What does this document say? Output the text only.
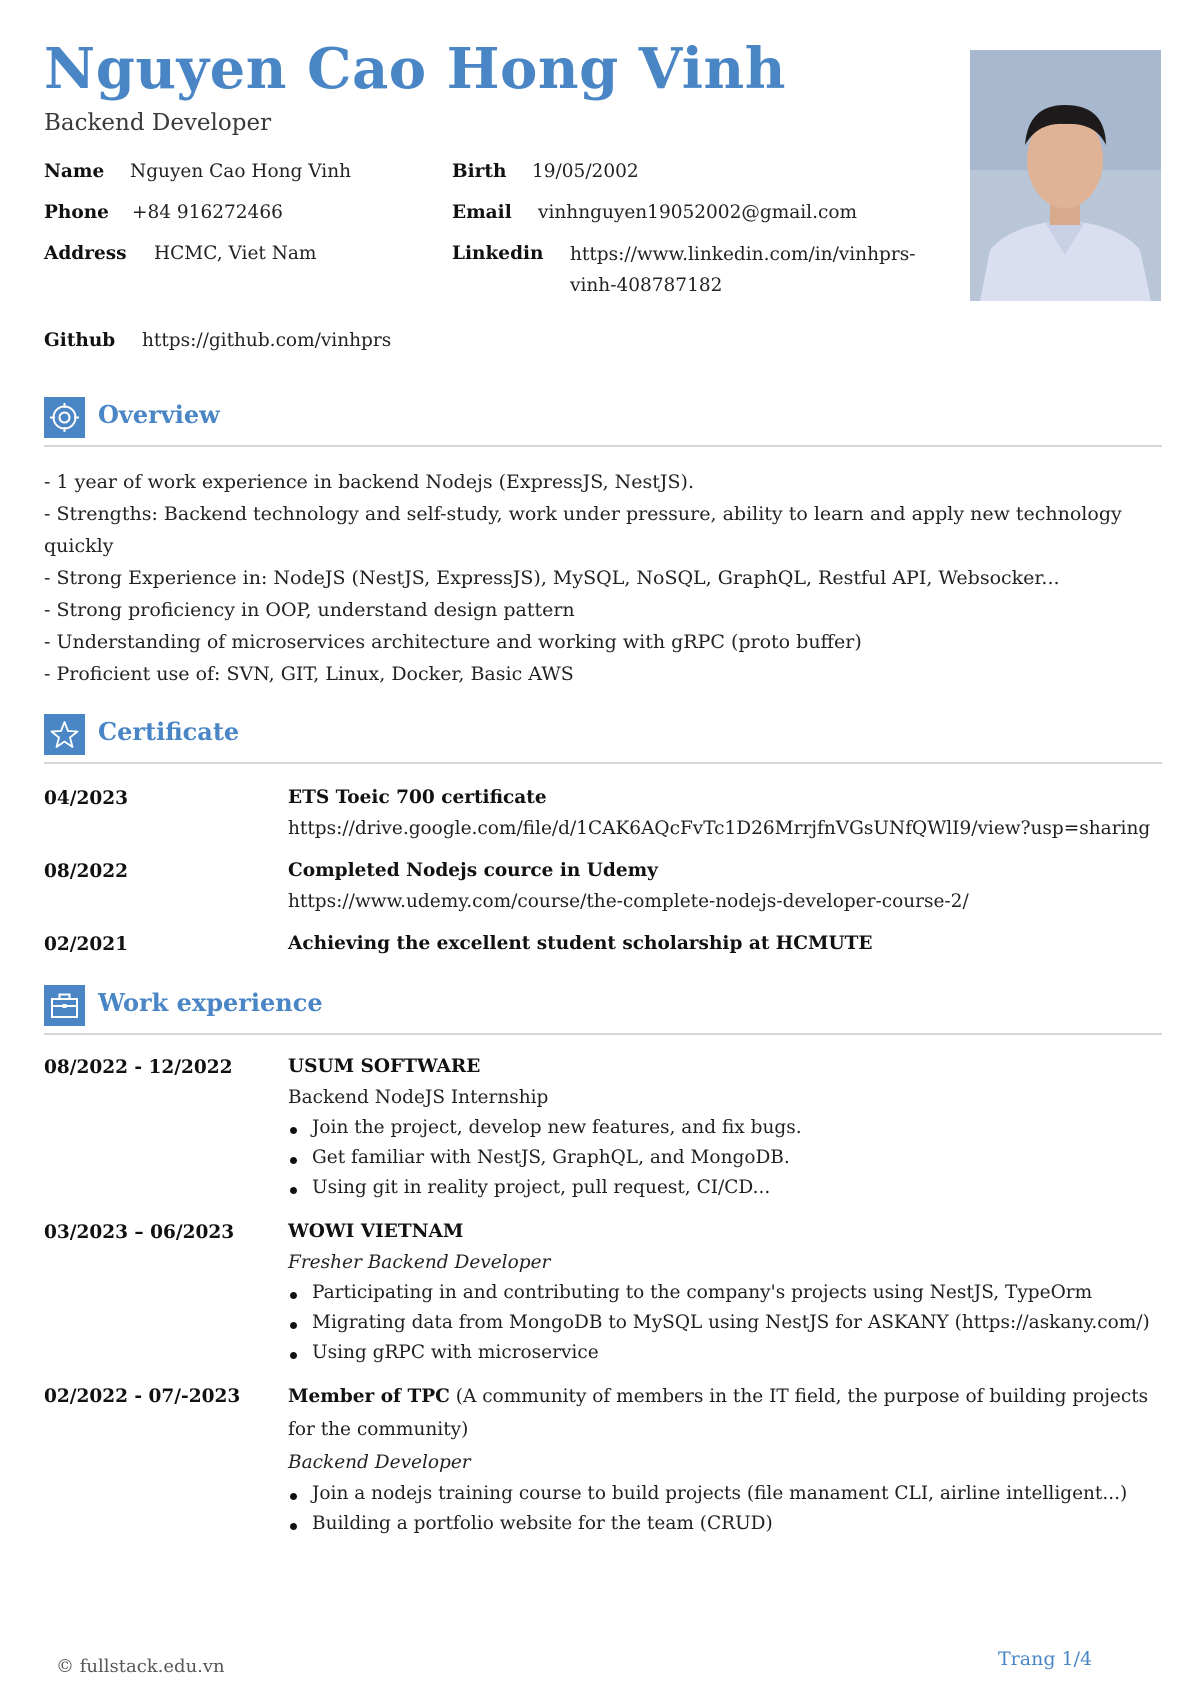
Nguyen Cao Hong Vinh
Backend Developer
Name Nguyen Cao Hong Vinh	Birth 19/05/2002
Phone +84 916272466	Email vinhnguyen19052002@gmail.com
Address HCMC, Viet Nam	Linkedin https://www.linkedin.com/in/vinhprs-
vinh-408787182
Github https://github.com/vinhprs
Overview
- 1 year of work experience in backend Nodejs (ExpressJS, NestJS).
- Strengths: Backend technology and self-study, work under pressure, ability to learn and apply new technology quickly
- Strong Experience in: NodeJS (NestJS, ExpressJS), MySQL, NoSQL, GraphQL, Restful API, Websocker...
- Strong proficiency in OOP, understand design pattern
- Understanding of microservices architecture and working with gRPC (proto buffer)
- Proficient use of: SVN, GIT, Linux, Docker, Basic AWS
Certificate
04/2023	ETS Toeic 700 certificate
https://drive.google.com/file/d/1CAK6AQcFvTc1D26MrrjfnVGsUNfQWlI9/view?usp=sharing
08/2022	Completed Nodejs cource in Udemy
https://www.udemy.com/course/the-complete-nodejs-developer-course-2/
02/2021	Achieving the excellent student scholarship at HCMUTE
Work experience
08/2022 - 12/2022	USUM SOFTWARE
Backend NodeJS Internship
Join the project, develop new features, and fix bugs.
Get familiar with NestJS, GraphQL, and MongoDB.
Using git in reality project, pull request, CI/CD...
03/2023 – 06/2023	WOWI VIETNAM
Fresher Backend Developer
Participating in and contributing to the company's projects using NestJS, TypeOrm
Migrating data from MongoDB to MySQL using NestJS for ASKANY (https://askany.com/)
Using gRPC with microservice
02/2022 - 07/-2023	Member of TPC (A community of members in the IT field, the purpose of building projects for the community)
Backend Developer
Join a nodejs training course to build projects (file manament CLI, airline intelligent...)
Building a portfolio website for the team (CRUD)
© fullstack.edu.vn	Trang 1/4
